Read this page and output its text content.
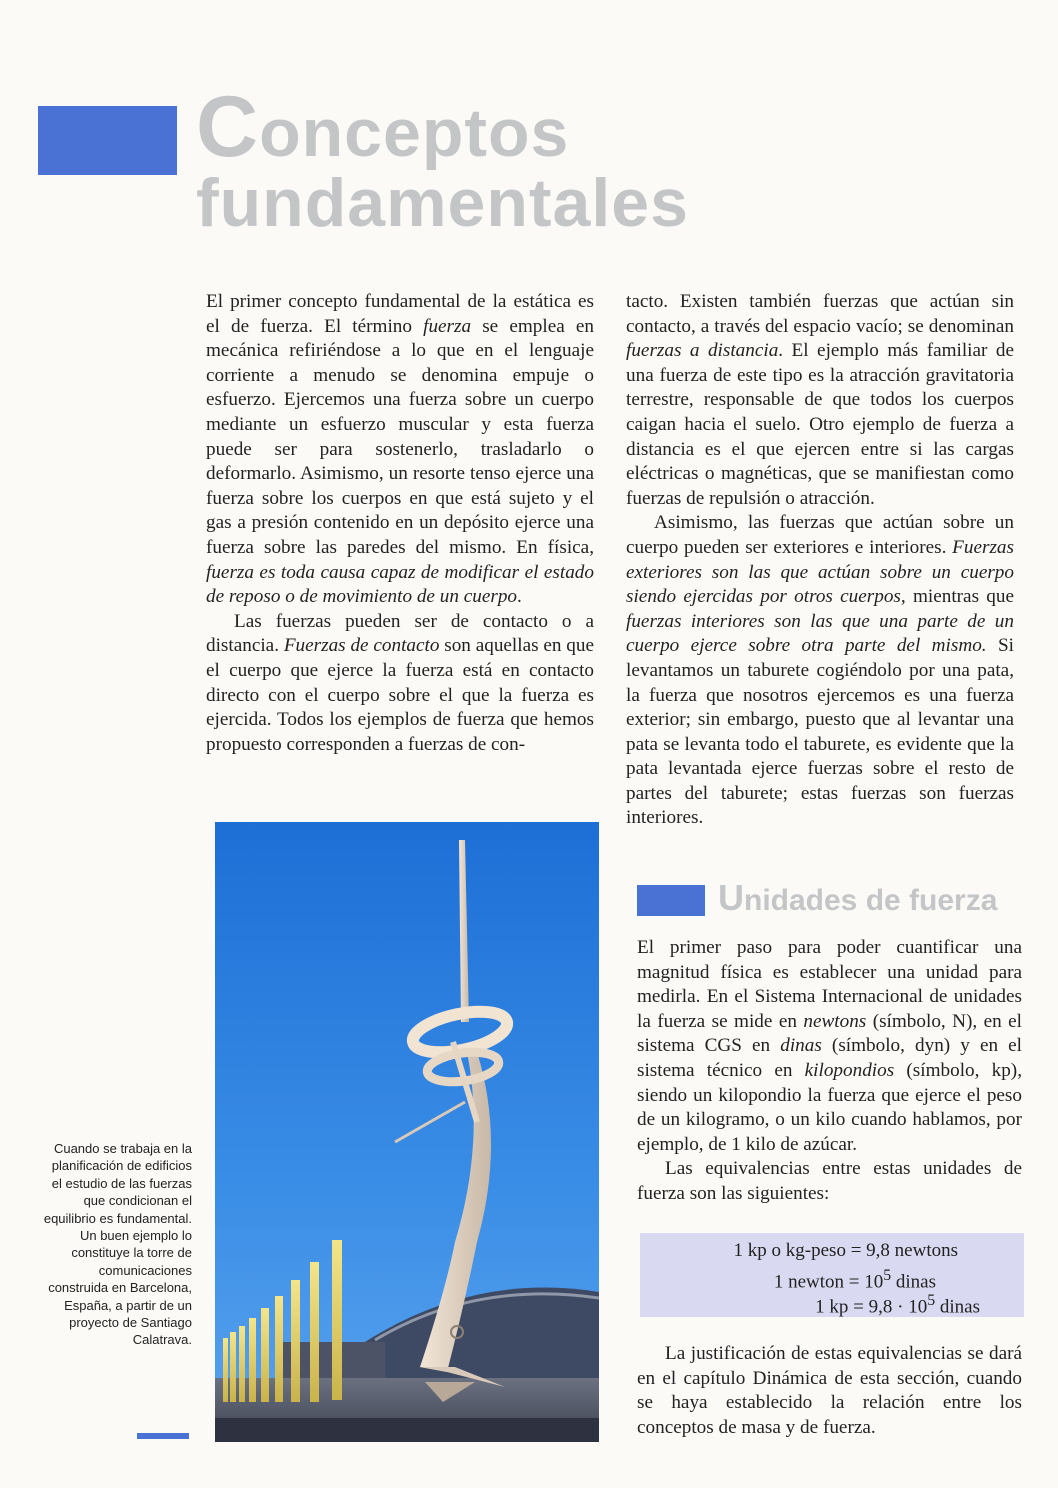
Conceptos
fundamentales

El primer concepto fundamental de la estática es el de fuerza. El término fuerza se emplea en mecánica refiriéndose a lo que en el lenguaje corriente a menudo se denomina empuje o esfuerzo. Ejercemos una fuerza sobre un cuerpo mediante un esfuerzo muscular y esta fuerza puede ser para sostenerlo, trasladarlo o deformarlo. Asimismo, un resorte tenso ejerce una fuerza sobre los cuerpos en que está sujeto y el gas a presión contenido en un depósito ejerce una fuerza sobre las paredes del mismo. En física, fuerza es toda causa capaz de modificar el estado de reposo o de movimiento de un cuerpo.

Las fuerzas pueden ser de contacto o a distancia. Fuerzas de contacto son aquellas en que el cuerpo que ejerce la fuerza está en contacto directo con el cuerpo sobre el que la fuerza es ejercida. Todos los ejemplos de fuerza que hemos propuesto corresponden a fuerzas de con-

tacto. Existen también fuerzas que actúan sin contacto, a través del espacio vacío; se denominan fuerzas a distancia. El ejemplo más familiar de una fuerza de este tipo es la atracción gravitatoria terrestre, responsable de que todos los cuerpos caigan hacia el suelo. Otro ejemplo de fuerza a distancia es el que ejercen entre si las cargas eléctricas o magnéticas, que se manifiestan como fuerzas de repulsión o atracción.

Asimismo, las fuerzas que actúan sobre un cuerpo pueden ser exteriores e interiores. Fuerzas exteriores son las que actúan sobre un cuerpo siendo ejercidas por otros cuerpos, mientras que fuerzas interiores son las que una parte de un cuerpo ejerce sobre otra parte del mismo. Si levantamos un taburete cogiéndolo por una pata, la fuerza que nosotros ejercemos es una fuerza exterior; sin embargo, puesto que al levantar una pata se levanta todo el taburete, es evidente que la pata levantada ejerce fuerzas sobre el resto de partes del taburete; estas fuerzas son fuerzas interiores.

Unidades de fuerza

El primer paso para poder cuantificar una magnitud física es establecer una unidad para medirla. En el Sistema Internacional de unidades la fuerza se mide en newtons (símbolo, N), en el sistema CGS en dinas (símbolo, dyn) y en el sistema técnico en kilopondios (símbolo, kp), siendo un kilopondio la fuerza que ejerce el peso de un kilogramo, o un kilo cuando hablamos, por ejemplo, de 1 kilo de azúcar.

Las equivalencias entre estas unidades de fuerza son las siguientes:

1 kp o kg-peso = 9,8 newtons
1 newton = $10^5$ dinas
1 kp = $9,8 \cdot 10^5$ dinas

La justificación de estas equivalencias se dará en el capítulo Dinámica de esta sección, cuando se haya establecido la relación entre los conceptos de masa y de fuerza.

Cuando se trabaja en la planificación de edificios el estudio de las fuerzas que condicionan el equilibrio es fundamental. Un buen ejemplo lo constituye la torre de comunicaciones construida en Barcelona, España, a partir de un proyecto de Santiago Calatrava.
